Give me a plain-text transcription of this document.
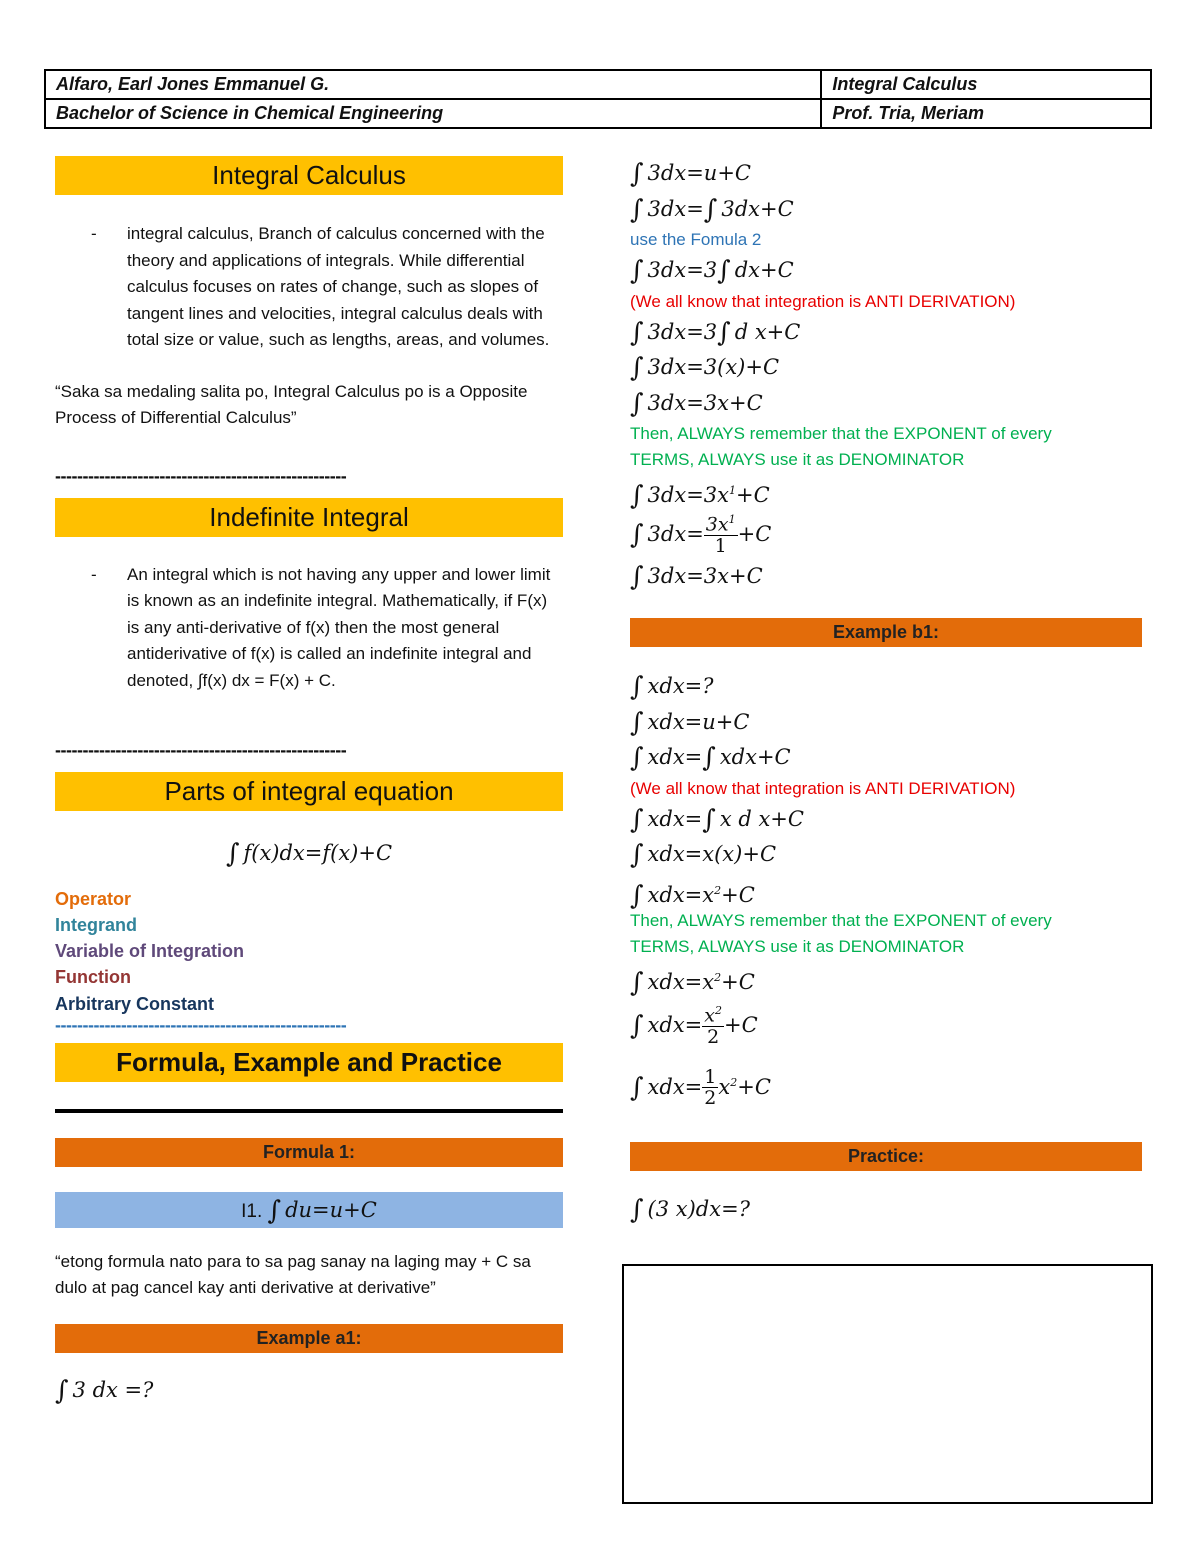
Alfaro, Earl Jones Emmanuel G.	Integral Calculus
Bachelor of Science in Chemical Engineering	Prof. Tria, Meriam
Integral Calculus
-	integral calculus, Branch of calculus concerned with the theory and applications of integrals. While differential calculus focuses on rates of change, such as slopes of tangent lines and velocities, integral calculus deals with total size or value, such as lengths, areas, and volumes.
“Saka sa medaling salita po, Integral Calculus po is a Opposite Process of Differential Calculus”
-----------------------------------------------------
Indefinite Integral
-	An integral which is not having any upper and lower limit is known as an indefinite integral. Mathematically, if F(x) is any anti-derivative of f(x) then the most general antiderivative of f(x) is called an indefinite integral and denoted, ∫f(x) dx = F(x) + C.
-----------------------------------------------------
Parts of integral equation
∫ f(x)dx=f(x)+C
Operator
Integrand
Variable of Integration
Function
Arbitrary Constant
-----------------------------------------------------
Formula, Example and Practice
Formula 1:
I1. ∫ du=u+C
“etong formula nato para to sa pag sanay na laging may + C sa dulo at pag cancel kay anti derivative at derivative”
Example a1:
∫ 3 dx =?
∫ 3dx=u+C
∫ 3dx=∫ 3dx+C
use the Fomula 2
∫ 3dx=3∫ dx+C
(We all know that integration is ANTI DERIVATION)
∫ 3dx=3∫ d x+C
∫ 3dx=3(x)+C
∫ 3dx=3x+C
Then, ALWAYS remember that the EXPONENT of every
TERMS, ALWAYS use it as DENOMINATOR
∫ $3dx=3x^1+C$
∫ $3dx= \frac{3x^1}{1} +C$
∫ 3dx=3x+C
Example b1:
∫ xdx=?
∫ xdx=u+C
∫ xdx=∫ xdx+C
(We all know that integration is ANTI DERIVATION)
∫ xdx=∫ x d x+C
∫ xdx=x(x)+C
∫ $xdx=x^2+C$
Then, ALWAYS remember that the EXPONENT of every
TERMS, ALWAYS use it as DENOMINATOR
∫ $xdx=x^2+C$
∫ $xdx= \frac{x^2}{2} +C$
∫ $xdx= \frac{1}{2} x^2+C$
Practice:
∫ (3 x)dx=?
